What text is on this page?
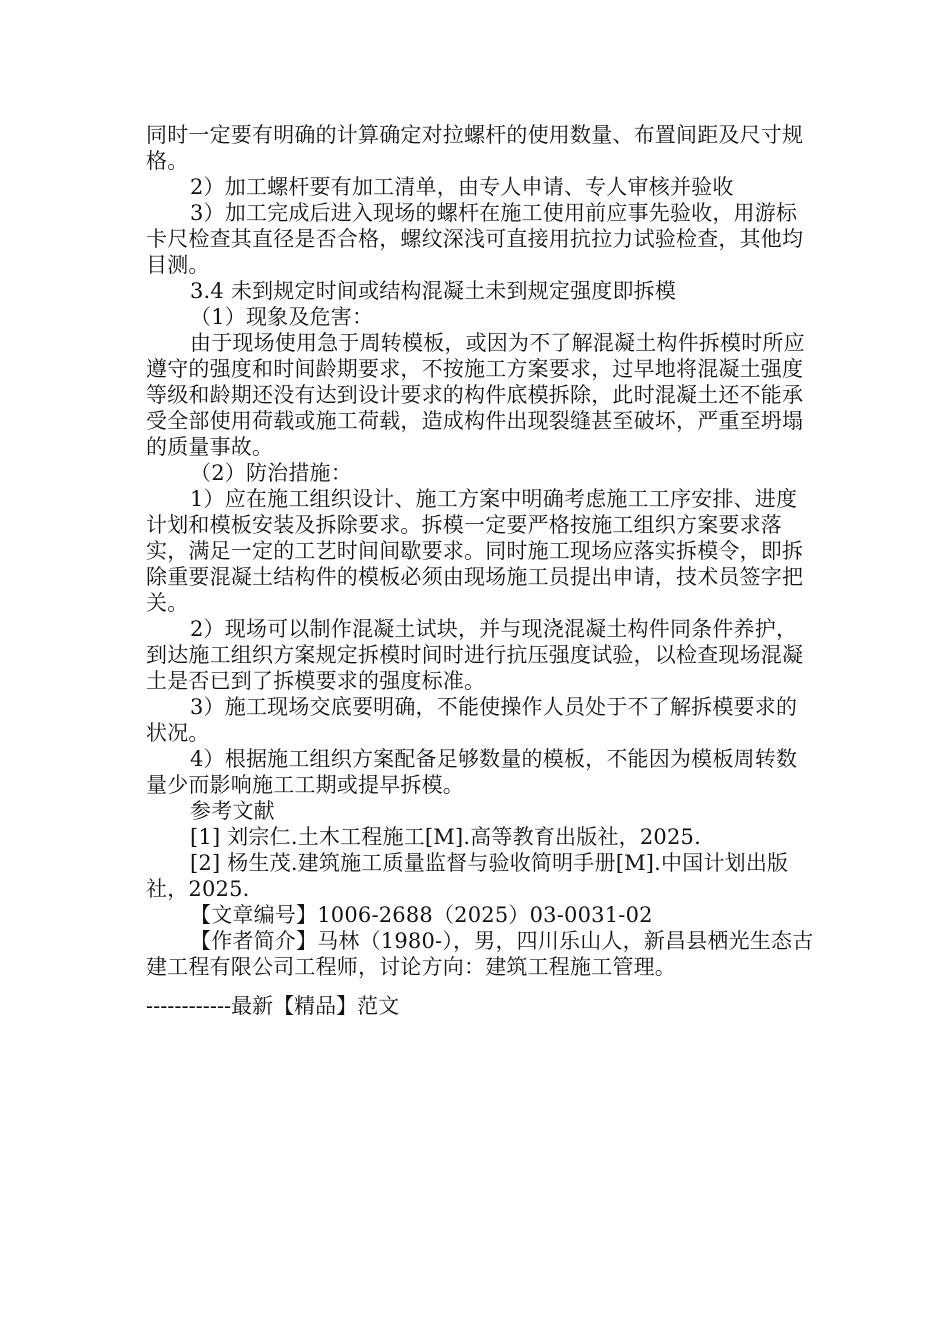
同时一定要有明确的计算确定对拉螺杆的使用数量、布置间距及尺寸规格。

2）加工螺杆要有加工清单，由专人申请、专人审核并验收

3）加工完成后进入现场的螺杆在施工使用前应事先验收，用游标卡尺检查其直径是否合格，螺纹深浅可直接用抗拉力试验检查，其他均目测。

3.4 未到规定时间或结构混凝土未到规定强度即拆模

（1）现象及危害：

由于现场使用急于周转模板，或因为不了解混凝土构件拆模时所应遵守的强度和时间龄期要求，不按施工方案要求，过早地将混凝土强度等级和龄期还没有达到设计要求的构件底模拆除，此时混凝土还不能承受全部使用荷载或施工荷载，造成构件出现裂缝甚至破坏，严重至坍塌的质量事故。

（2）防治措施：

1）应在施工组织设计、施工方案中明确考虑施工工序安排、进度计划和模板安装及拆除要求。拆模一定要严格按施工组织方案要求落实，满足一定的工艺时间间歇要求。同时施工现场应落实拆模令，即拆除重要混凝土结构件的模板必须由现场施工员提出申请，技术员签字把关。

2）现场可以制作混凝土试块，并与现浇混凝土构件同条件养护，到达施工组织方案规定拆模时间时进行抗压强度试验，以检查现场混凝土是否已到了拆模要求的强度标准。

3）施工现场交底要明确，不能使操作人员处于不了解拆模要求的状况。

4）根据施工组织方案配备足够数量的模板，不能因为模板周转数量少而影响施工工期或提早拆模。

参考文献

[1] 刘宗仁.土木工程施工[M].高等教育出版社，2025.

[2] 杨生茂.建筑施工质量监督与验收简明手册[M].中国计划出版社，2025.

【文章编号】1006-2688（2025）03-0031-02

【作者简介】马林（1980-），男，四川乐山人，新昌县栖光生态古建工程有限公司工程师，讨论方向：建筑工程施工管理。

------------最新【精品】范文
